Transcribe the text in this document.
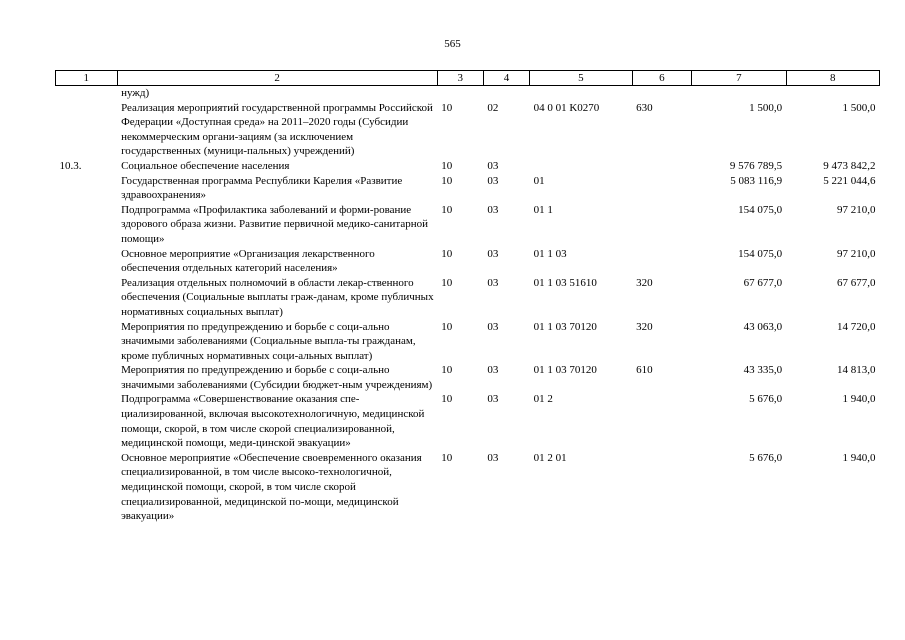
565
1	2	3	4	5	6	7	8
	нужд)						
	Реализация мероприятий государственной программы Российской Федерации «Доступная среда» на 2011–2020 годы (Субсидии некоммерческим органи-зациям (за исключением государственных (муници-пальных) учреждений)	10	02	04 0 01 K0270	630	1 500,0	1 500,0
10.3.	Социальное обеспечение населения	10	03			9 576 789,5	9 473 842,2
	Государственная программа Республики Карелия «Развитие здравоохранения»	10	03	01		5 083 116,9	5 221 044,6
	Подпрограмма «Профилактика заболеваний и форми-рование здорового образа жизни. Развитие первичной медико-санитарной помощи»	10	03	01 1		154 075,0	97 210,0
	Основное мероприятие «Организация лекарственного обеспечения отдельных категорий населения»	10	03	01 1 03		154 075,0	97 210,0
	Реализация отдельных полномочий в области лекар-ственного обеспечения (Социальные выплаты граж-данам, кроме публичных нормативных социальных выплат)	10	03	01 1 03 51610	320	67 677,0	67 677,0
	Мероприятия по предупреждению и борьбе с соци-ально значимыми заболеваниями (Социальные выпла-ты гражданам, кроме публичных нормативных соци-альных выплат)	10	03	01 1 03 70120	320	43 063,0	14 720,0
	Мероприятия по предупреждению и борьбе с соци-ально значимыми заболеваниями (Субсидии бюджет-ным учреждениям)	10	03	01 1 03 70120	610	43 335,0	14 813,0
	Подпрограмма «Совершенствование оказания спе-циализированной, включая высокотехнологичную, медицинской помощи, скорой, в том числе скорой специализированной, медицинской помощи, меди-цинской эвакуации»	10	03	01 2		5 676,0	1 940,0
	Основное мероприятие «Обеспечение своевременного оказания специализированной, в том числе высоко-технологичной, медицинской помощи, скорой, в том числе скорой специализированной, медицинской по-мощи, медицинской эвакуации»	10	03	01 2 01		5 676,0	1 940,0
